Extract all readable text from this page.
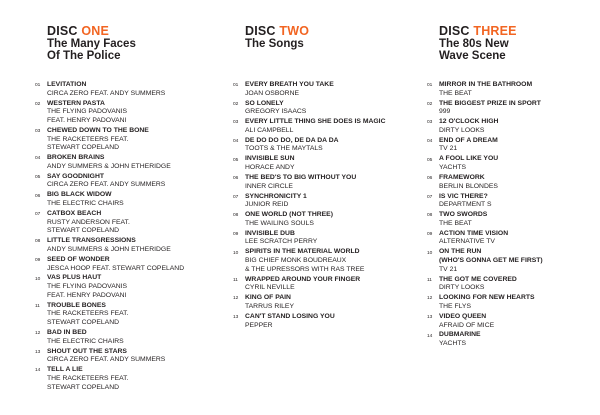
DISC ONE
The Many Faces
Of The Police
01 LEVITATION
CIRCA ZERO FEAT. ANDY SUMMERS
02 WESTERN PASTA
THE FLYING PADOVANIS
FEAT. HENRY PADOVANI
03 CHEWED DOWN TO THE BONE
THE RACKETEERS FEAT.
STEWART COPELAND
04 BROKEN BRAINS
ANDY SUMMERS & JOHN ETHERIDGE
05 SAY GOODNIGHT
CIRCA ZERO FEAT. ANDY SUMMERS
06 BIG BLACK WIDOW
THE ELECTRIC CHAIRS
07 CATBOX BEACH
RUSTY ANDERSON FEAT.
STEWART COPELAND
08 LITTLE TRANSGRESSIONS
ANDY SUMMERS & JOHN ETHERIDGE
09 SEED OF WONDER
JESCA HOOP FEAT. STEWART COPELAND
10 VAS PLUS HAUT
THE FLYING PADOVANIS
FEAT. HENRY PADOVANI
11 TROUBLE BONES
THE RACKETEERS FEAT.
STEWART COPELAND
12 BAD IN BED
THE ELECTRIC CHAIRS
13 SHOUT OUT THE STARS
CIRCA ZERO FEAT. ANDY SUMMERS
14 TELL A LIE
THE RACKETEERS FEAT.
STEWART COPELAND
DISC TWO
The Songs
01 EVERY BREATH YOU TAKE
JOAN OSBORNE
02 SO LONELY
GREGORY ISAACS
03 EVERY LITTLE THING SHE DOES IS MAGIC
ALI CAMPBELL
04 DE DO DO DO, DE DA DA DA
TOOTS & THE MAYTALS
05 INVISIBLE SUN
HORACE ANDY
06 THE BED'S TO BIG WITHOUT YOU
INNER CIRCLE
07 SYNCHRONICITY 1
JUNIOR REID
08 ONE WORLD (NOT THREE)
THE WAILING SOULS
09 INVISIBLE DUB
LEE SCRATCH PERRY
10 SPIRITS IN THE MATERIAL WORLD
BIG CHIEF MONK BOUDREAUX
& THE UPRESSORS WITH RAS TREE
11 WRAPPED AROUND YOUR FINGER
CYRIL NEVILLE
12 KING OF PAIN
TARRUS RILEY
13 CAN'T STAND LOSING YOU
PEPPER
DISC THREE
The 80s New
Wave Scene
01 MIRROR IN THE BATHROOM
THE BEAT
02 THE BIGGEST PRIZE IN SPORT
999
03 12 O'CLOCK HIGH
DIRTY LOOKS
04 END OF A DREAM
TV 21
05 A FOOL LIKE YOU
YACHTS
06 FRAMEWORK
BERLIN BLONDES
07 IS VIC THERE?
DEPARTMENT S
08 TWO SWORDS
THE BEAT
09 ACTION TIME VISION
ALTERNATIVE TV
10 ON THE RUN
(WHO'S GONNA GET ME FIRST)
TV 21
11 THE GOT ME COVERED
DIRTY LOOKS
12 LOOKING FOR NEW HEARTS
THE FLYS
13 VIDEO QUEEN
AFRAID OF MICE
14 DUBMARINE
YACHTS
